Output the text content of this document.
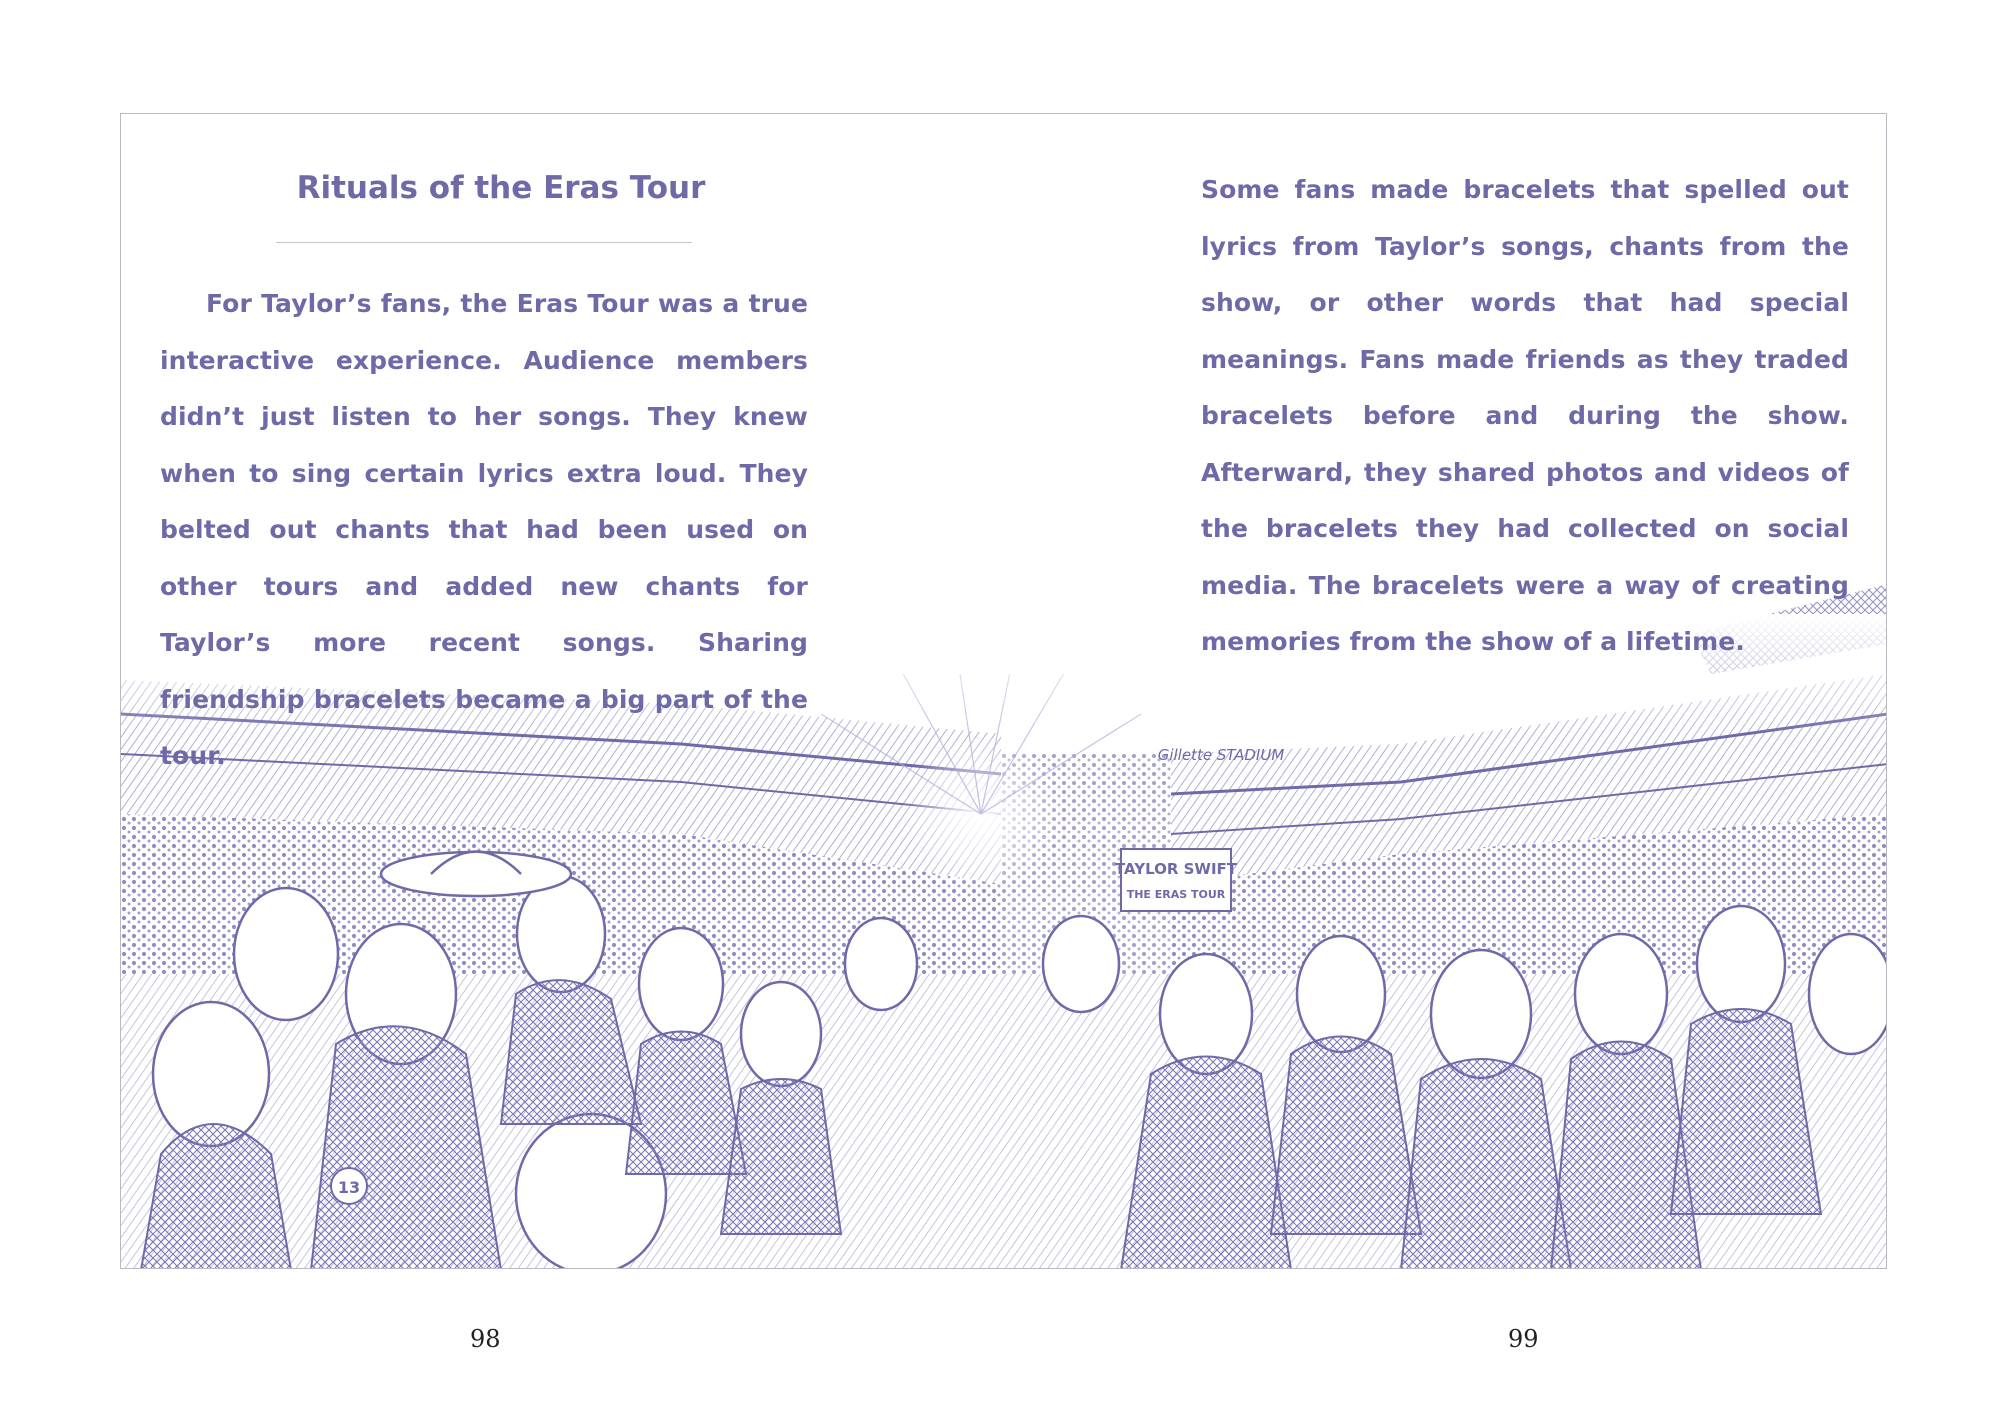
TAYLOR SWIFT
THE ERAS TOUR
Gillette STADIUM
13
Rituals of the Eras Tour

For Taylor’s fans, the Eras Tour was a true interactive experience. Audience members didn’t just listen to her songs. They knew when to sing certain lyrics extra loud. They belted out chants that had been used on other tours and added new chants for Taylor’s more recent songs. Sharing friendship bracelets became a big part of the tour.

Some fans made bracelets that spelled out lyrics from Taylor’s songs, chants from the show, or other words that had special meanings. Fans made friends as they traded bracelets before and during the show. Afterward, they shared photos and videos of the bracelets they had collected on social media. The bracelets were a way of creating memories from the show of a lifetime.

98	99
